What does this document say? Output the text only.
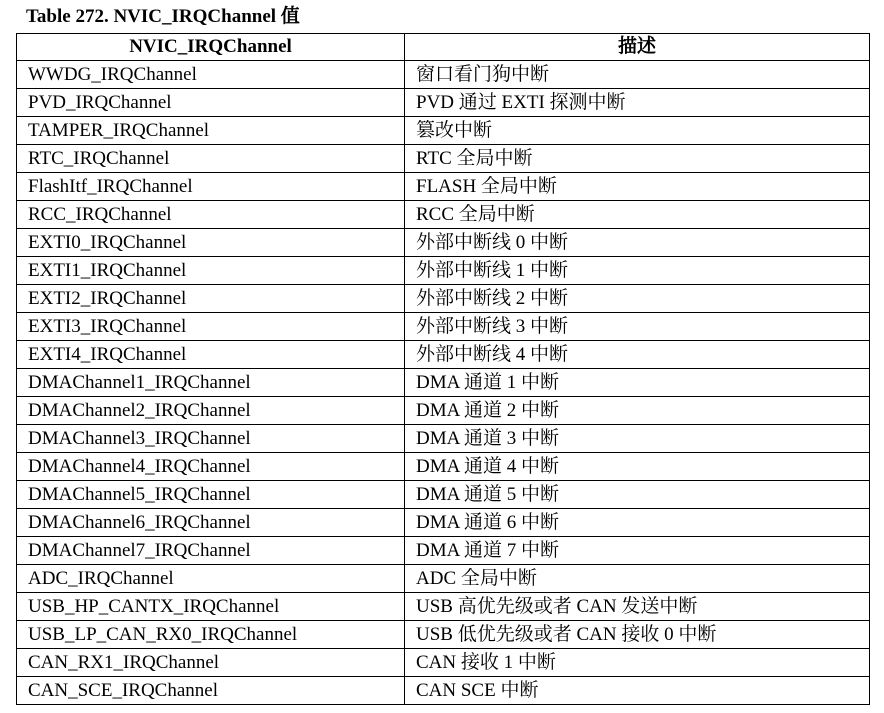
Table 272. NVIC_IRQChannel 值
NVIC_IRQChannel	描述
WWDG_IRQChannel	窗口看门狗中断
PVD_IRQChannel	PVD 通过 EXTI 探测中断
TAMPER_IRQChannel	篡改中断
RTC_IRQChannel	RTC 全局中断
FlashItf_IRQChannel	FLASH 全局中断
RCC_IRQChannel	RCC 全局中断
EXTI0_IRQChannel	外部中断线 0 中断
EXTI1_IRQChannel	外部中断线 1 中断
EXTI2_IRQChannel	外部中断线 2 中断
EXTI3_IRQChannel	外部中断线 3 中断
EXTI4_IRQChannel	外部中断线 4 中断
DMAChannel1_IRQChannel	DMA 通道 1 中断
DMAChannel2_IRQChannel	DMA 通道 2 中断
DMAChannel3_IRQChannel	DMA 通道 3 中断
DMAChannel4_IRQChannel	DMA 通道 4 中断
DMAChannel5_IRQChannel	DMA 通道 5 中断
DMAChannel6_IRQChannel	DMA 通道 6 中断
DMAChannel7_IRQChannel	DMA 通道 7 中断
ADC_IRQChannel	ADC 全局中断
USB_HP_CANTX_IRQChannel	USB 高优先级或者 CAN 发送中断
USB_LP_CAN_RX0_IRQChannel	USB 低优先级或者 CAN 接收 0 中断
CAN_RX1_IRQChannel	CAN 接收 1 中断
CAN_SCE_IRQChannel	CAN SCE 中断
